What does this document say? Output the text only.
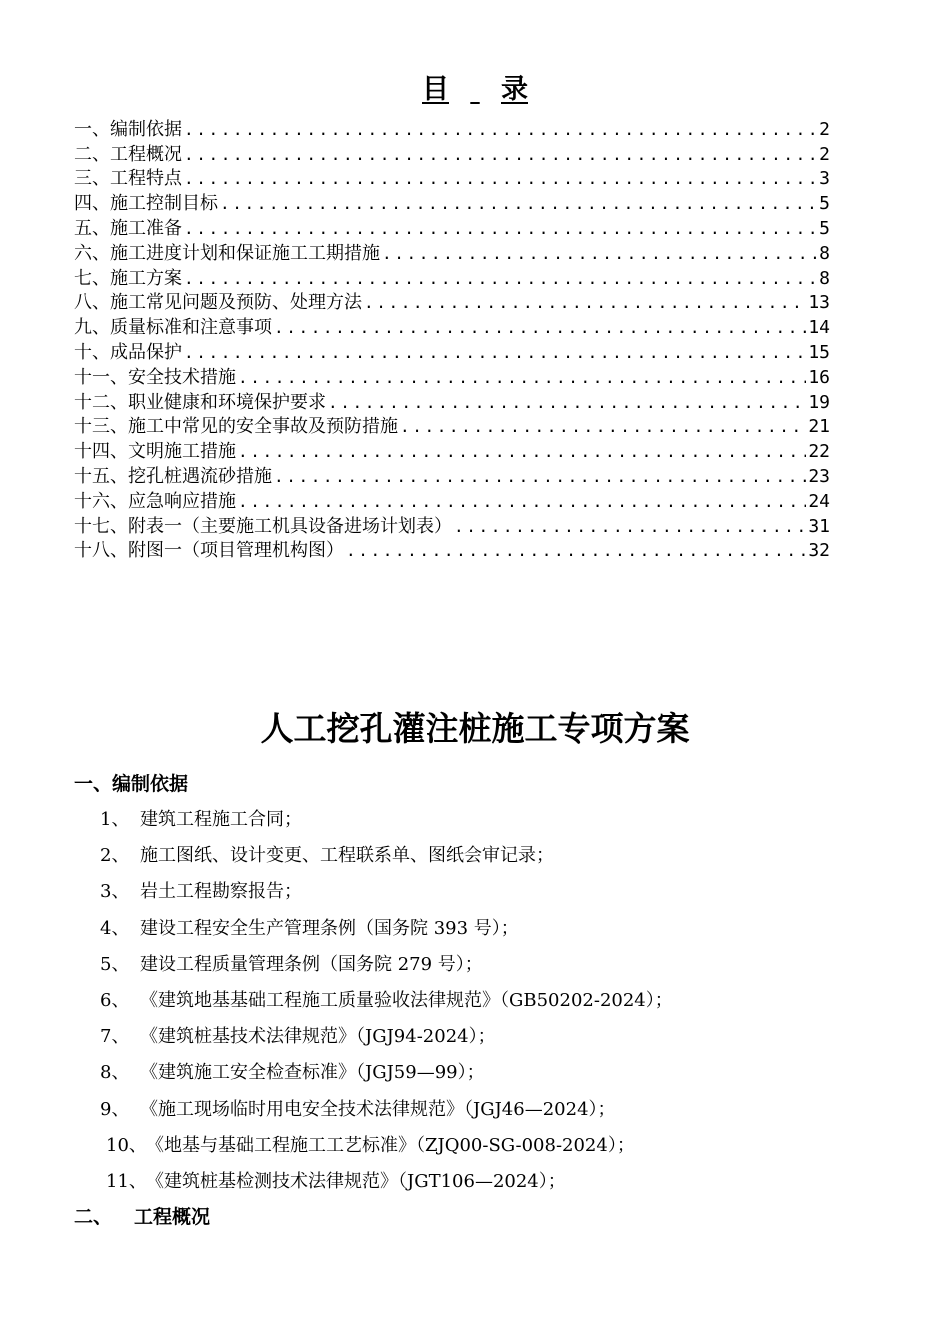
目 录
一、编制依据 .....	2
二、工程概况 .....	2
三、工程特点 .....	3
四、施工控制目标 .....	5
五、施工准备 .....	5
六、施工进度计划和保证施工工期措施 .....	8
七、施工方案 .....	8
八、施工常见问题及预防、处理方法 .....	13
九、质量标准和注意事项 .....	14
十、成品保护 .....	15
十一、安全技术措施 .....	16
十二、职业健康和环境保护要求 .....	19
十三、施工中常见的安全事故及预防措施 .....	21
十四、文明施工措施 .....	22
十五、挖孔桩遇流砂措施 .....	23
十六、应急响应措施 .....	24
十七、附表一（主要施工机具设备进场计划表） .....	31
十八、附图一（项目管理机构图） .....	32
人工挖孔灌注桩施工专项方案
一、编制依据
1、 建筑工程施工合同；
2、 施工图纸、设计变更、工程联系单、图纸会审记录；
3、 岩土工程勘察报告；
4、 建设工程安全生产管理条例（国务院 393 号）；
5、 建设工程质量管理条例（国务院 279 号）；
6、 《建筑地基基础工程施工质量验收法律规范》（GB50202-2024）；
7、 《建筑桩基技术法律规范》（JGJ94-2024）；
8、 《建筑施工安全检查标准》（JGJ59—99）；
9、 《施工现场临时用电安全技术法律规范》（JGJ46—2024）；
10、 《地基与基础工程施工工艺标准》（ZJQ00-SG-008-2024）；
11、 《建筑桩基检测技术法律规范》（JGT106—2024）；
二、 工程概况
